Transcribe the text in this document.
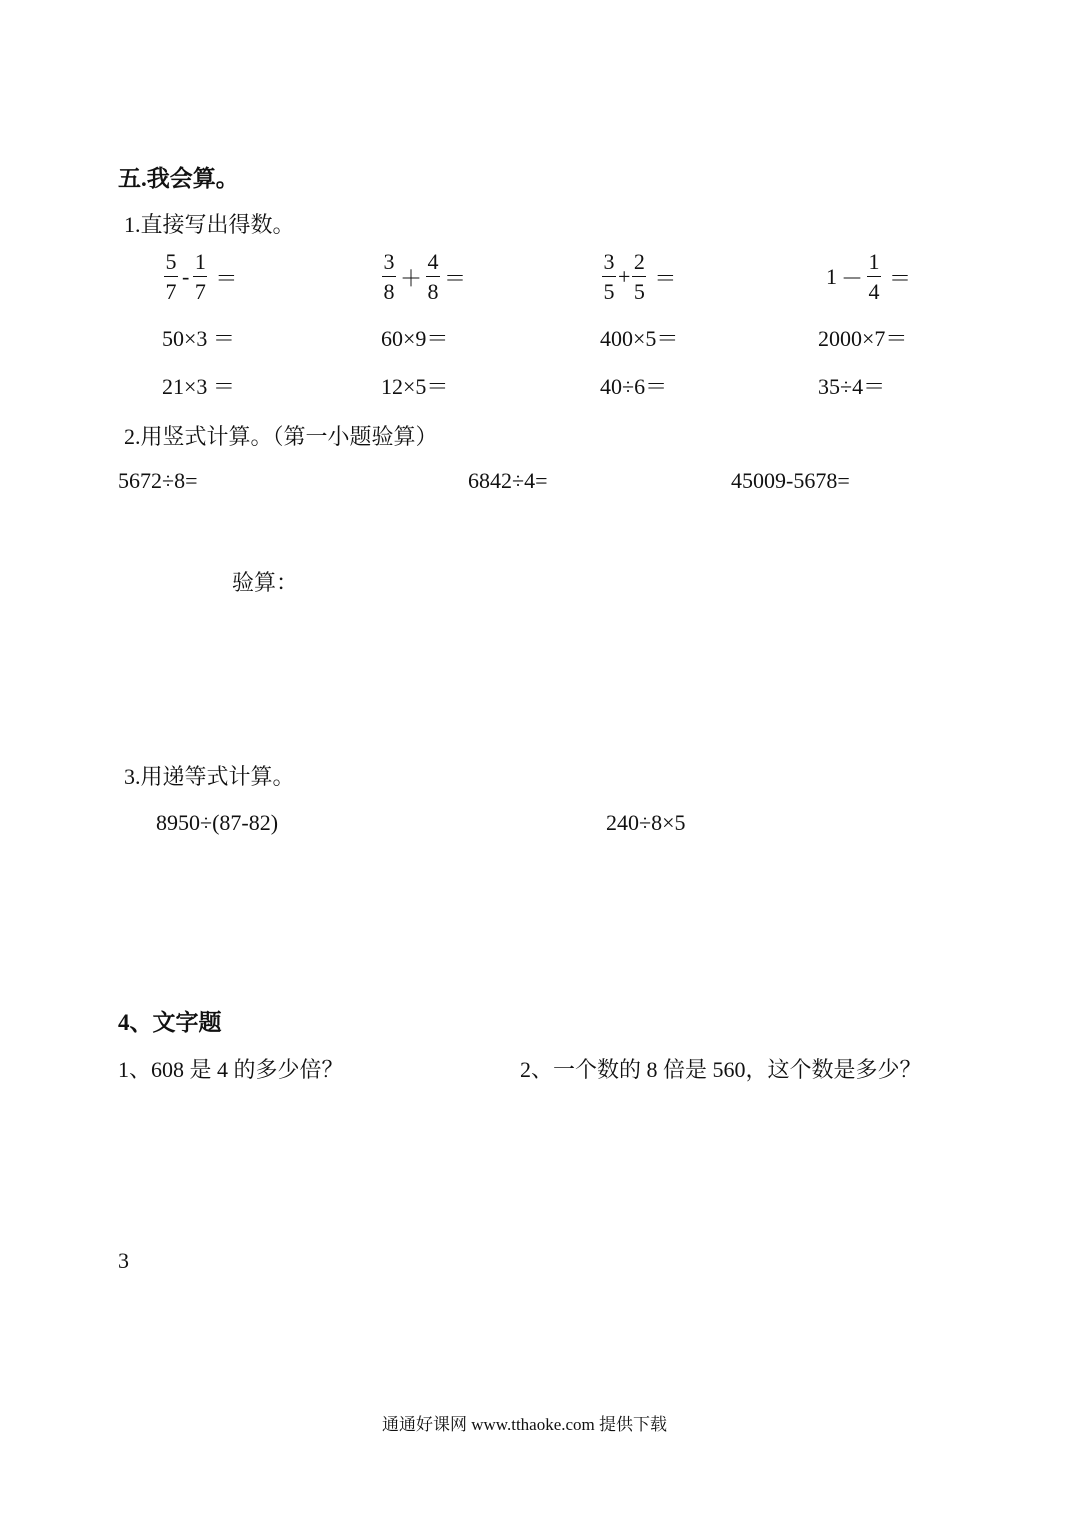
五.我会算。
1.直接写出得数。
$\frac{5}{7} - \frac{1}{7}$ ＝	$\frac{3}{8} + \frac{4}{8}$ ＝	$\frac{3}{5} + \frac{2}{5}$ ＝	$1 - \frac{1}{4}$ ＝
50×3 ＝	60×9＝	400×5＝	2000×7＝
21×3 ＝	12×5＝	40÷6＝	35÷4＝
2.用竖式计算。（第一小题验算）
5672÷8=	6842÷4=	45009-5678=
验算：
3.用递等式计算。
8950÷(87-82)	240÷8×5
4、文字题
1、608 是 4 的多少倍？	2、一个数的 8 倍是 560，这个数是多少？
3
通通好课网 www.tthaoke.com 提供下载
